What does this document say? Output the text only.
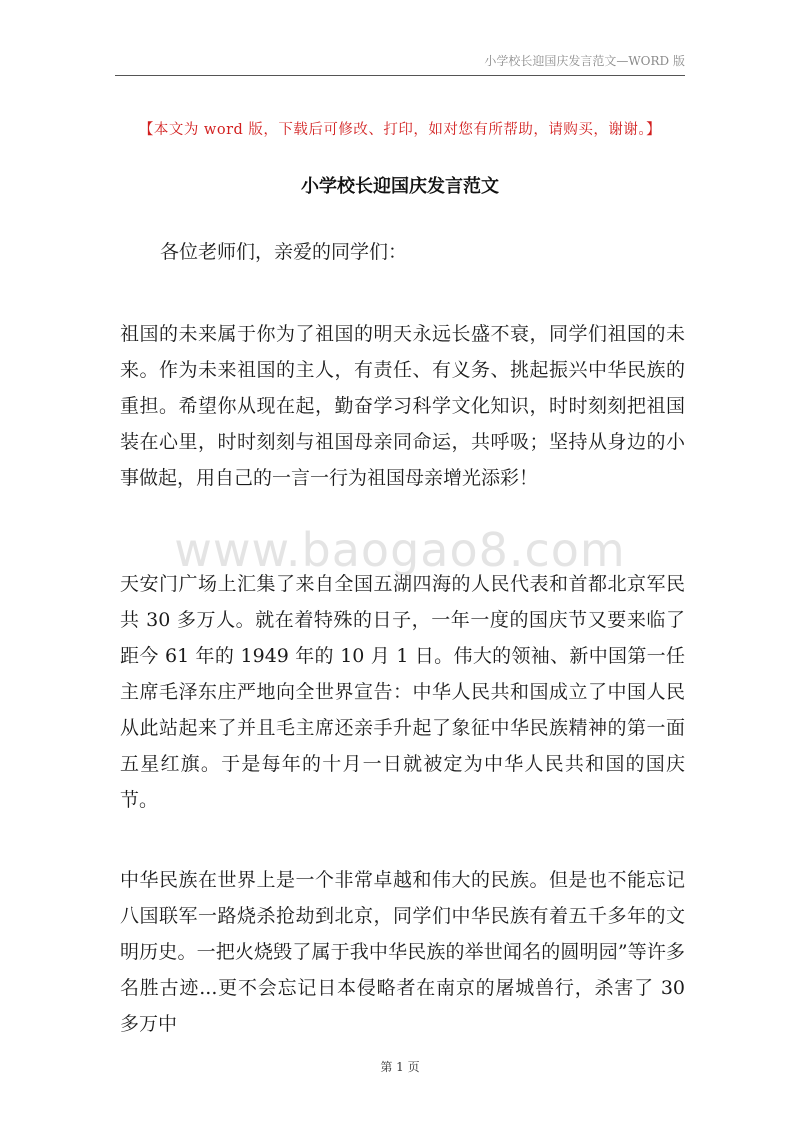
小学校长迎国庆发言范文—WORD 版
【本文为 word 版，下载后可修改、打印，如对您有所帮助，请购买，谢谢。】
小学校长迎国庆发言范文
各位老师们，亲爱的同学们：
祖国的未来属于你为了祖国的明天永远长盛不衰，同学们祖国的未来。作为未来祖国的主人，有责任、有义务、挑起振兴中华民族的重担。希望你从现在起，勤奋学习科学文化知识，时时刻刻把祖国装在心里，时时刻刻与祖国母亲同命运，共呼吸；坚持从身边的小事做起，用自己的一言一行为祖国母亲增光添彩！
www.baogao8.com
天安门广场上汇集了来自全国五湖四海的人民代表和首都北京军民共 30 多万人。就在着特殊的日子，一年一度的国庆节又要来临了距今 61 年的 1949 年的 10 月 1 日。伟大的领袖、新中国第一任主席毛泽东庄严地向全世界宣告：中华人民共和国成立了中国人民从此站起来了并且毛主席还亲手升起了象征中华民族精神的第一面五星红旗。于是每年的十月一日就被定为中华人民共和国的国庆节。
中华民族在世界上是一个非常卓越和伟大的民族。但是也不能忘记八国联军一路烧杀抢劫到北京，同学们中华民族有着五千多年的文明历史。一把火烧毁了属于我中华民族的举世闻名的圆明园”等许多名胜古迹...更不会忘记日本侵略者在南京的屠城兽行，杀害了 30 多万中
第 1 页
